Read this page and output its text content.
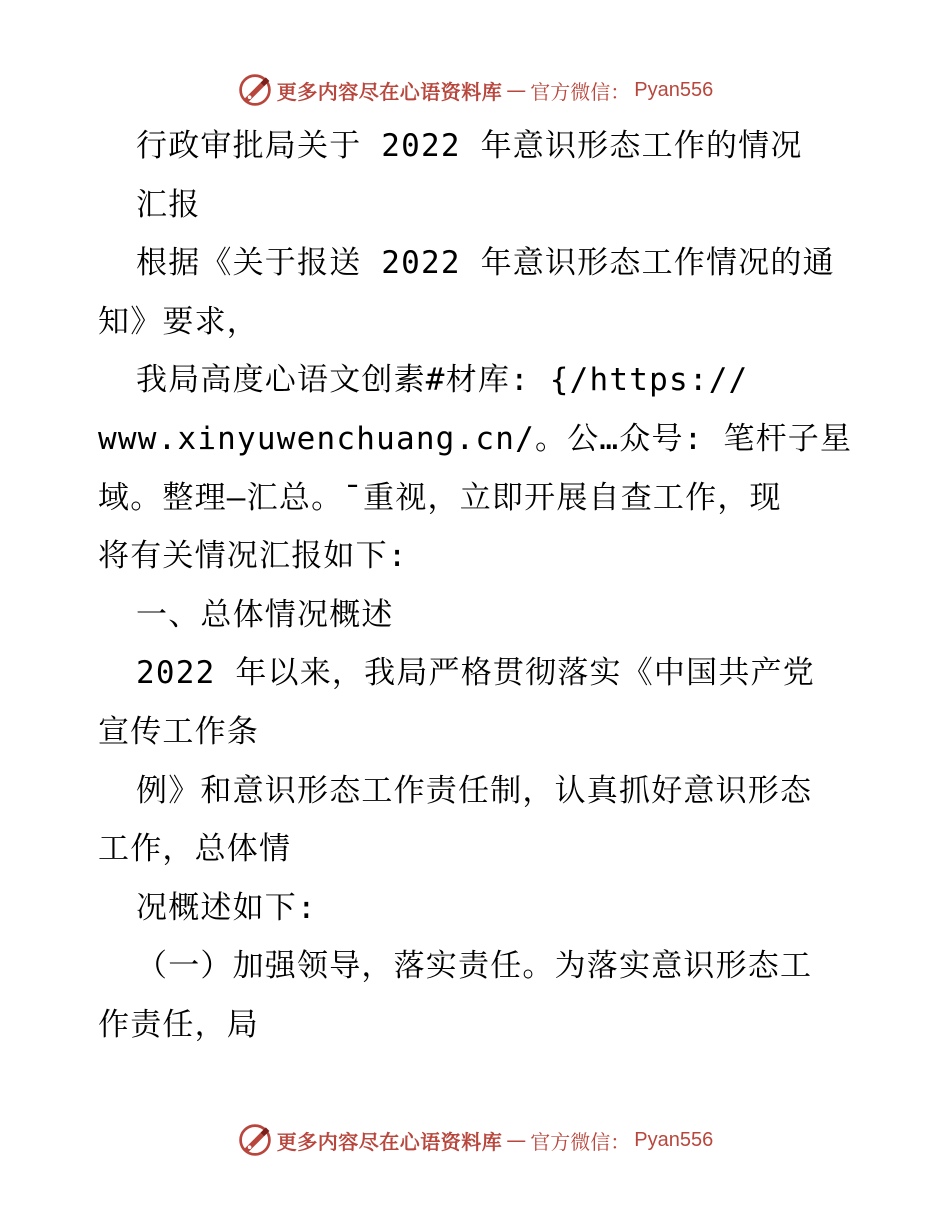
更多内容尽在心语资料库 — 官方微信： Pyan556
行政审批局关于 2022 年意识形态工作的情况
汇报
根据《关于报送 2022 年意识形态工作情况的通
知》要求，
我局高度心语文创素#材库: {/https://
www.xinyuwenchuang.cn/。公…众号: 笔杆子星
域。整理—汇总。¯重视，立即开展自查工作，现
将有关情况汇报如下:
一、总体情况概述
2022 年以来，我局严格贯彻落实《中国共产党
宣传工作条
例》和意识形态工作责任制，认真抓好意识形态
工作，总体情
况概述如下:
（一）加强领导，落实责任。为落实意识形态工
作责任，局
更多内容尽在心语资料库 — 官方微信： Pyan556
